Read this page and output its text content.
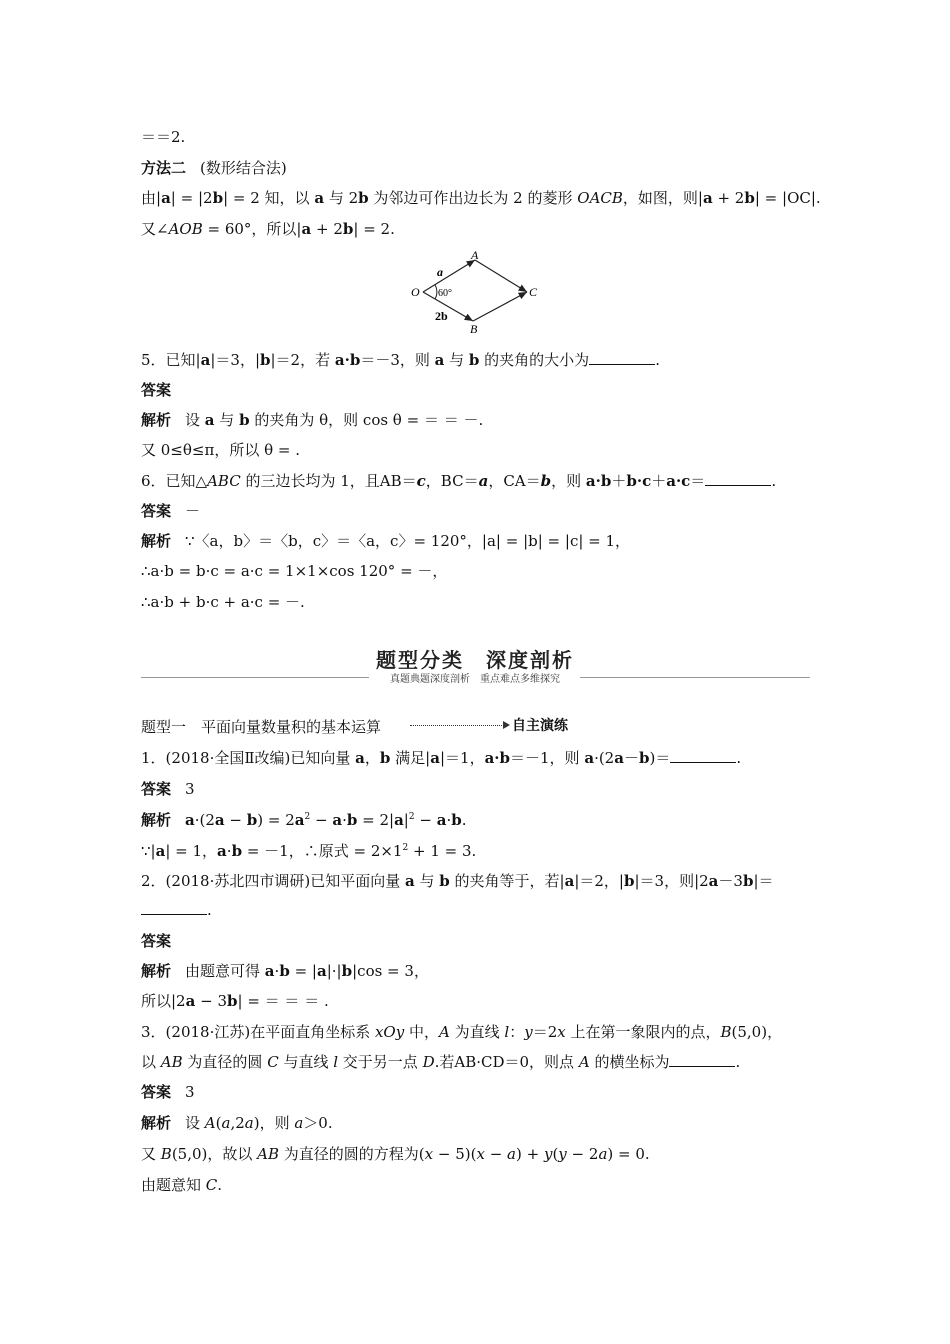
＝＝2.
方法二 (数形结合法)
由|a| = |2b| = 2 知，以 a 与 2b 为邻边可作出边长为 2 的菱形 OACB，如图，则|a + 2b| = |OC|.
又∠AOB = 60°，所以|a + 2b| = 2.
O
A
C
B
a
2b
60°
5．已知|a|＝3，|b|＝2，若 a·b＝－3，则 a 与 b 的夹角的大小为	.
答案
解析 设 a 与 b 的夹角为 θ，则 cos θ = ＝ ＝ －.
又 0≤θ≤π，所以 θ = .
6．已知△ABC 的三边长均为 1，且AB＝c，BC＝a，CA＝b，则 a·b＋b·c＋a·c＝	.
答案 －
解析 ∵〈a，b〉＝〈b，c〉＝〈a，c〉= 120°，|a| = |b| = |c| = 1，
∴a·b = b·c = a·c = 1×1×cos 120° = －，
∴a·b + b·c + a·c = －.
题型分类　深度剖析
真题典题深度剖析　重点难点多维探究
题型一　平面向量数量积的基本运算	自主演练
1．(2018·全国Ⅱ改编)已知向量 a，b 满足|a|＝1，a·b＝－1，则 a·(2a－b)＝	.
答案 3
解析 $a\cdot(2a - b) = 2a^2 - a\cdot b = 2|a|^2 - a\cdot b$.
∵|a| = 1，a·b = －1，∴原式 = $2\times 1^2 + 1 = 3$.
2．(2018·苏北四市调研)已知平面向量 a 与 b 的夹角等于，若|a|＝2，|b|＝3，则|2a－3b|＝
.
答案
解析 由题意可得 a·b = |a|·|b|cos = 3，
所以|2a − 3b| = ＝ ＝ ＝ .
3．(2018·江苏)在平面直角坐标系 xOy 中，A 为直线 l：y＝2x 上在第一象限内的点，B(5,0)，
以 AB 为直径的圆 C 与直线 l 交于另一点 D.若AB·CD＝0，则点 A 的横坐标为	.
答案 3
解析 设 A(a,2a)，则 a＞0.
又 B(5,0)，故以 AB 为直径的圆的方程为(x − 5)(x − a) + y(y − 2a) = 0.
由题意知 C.
